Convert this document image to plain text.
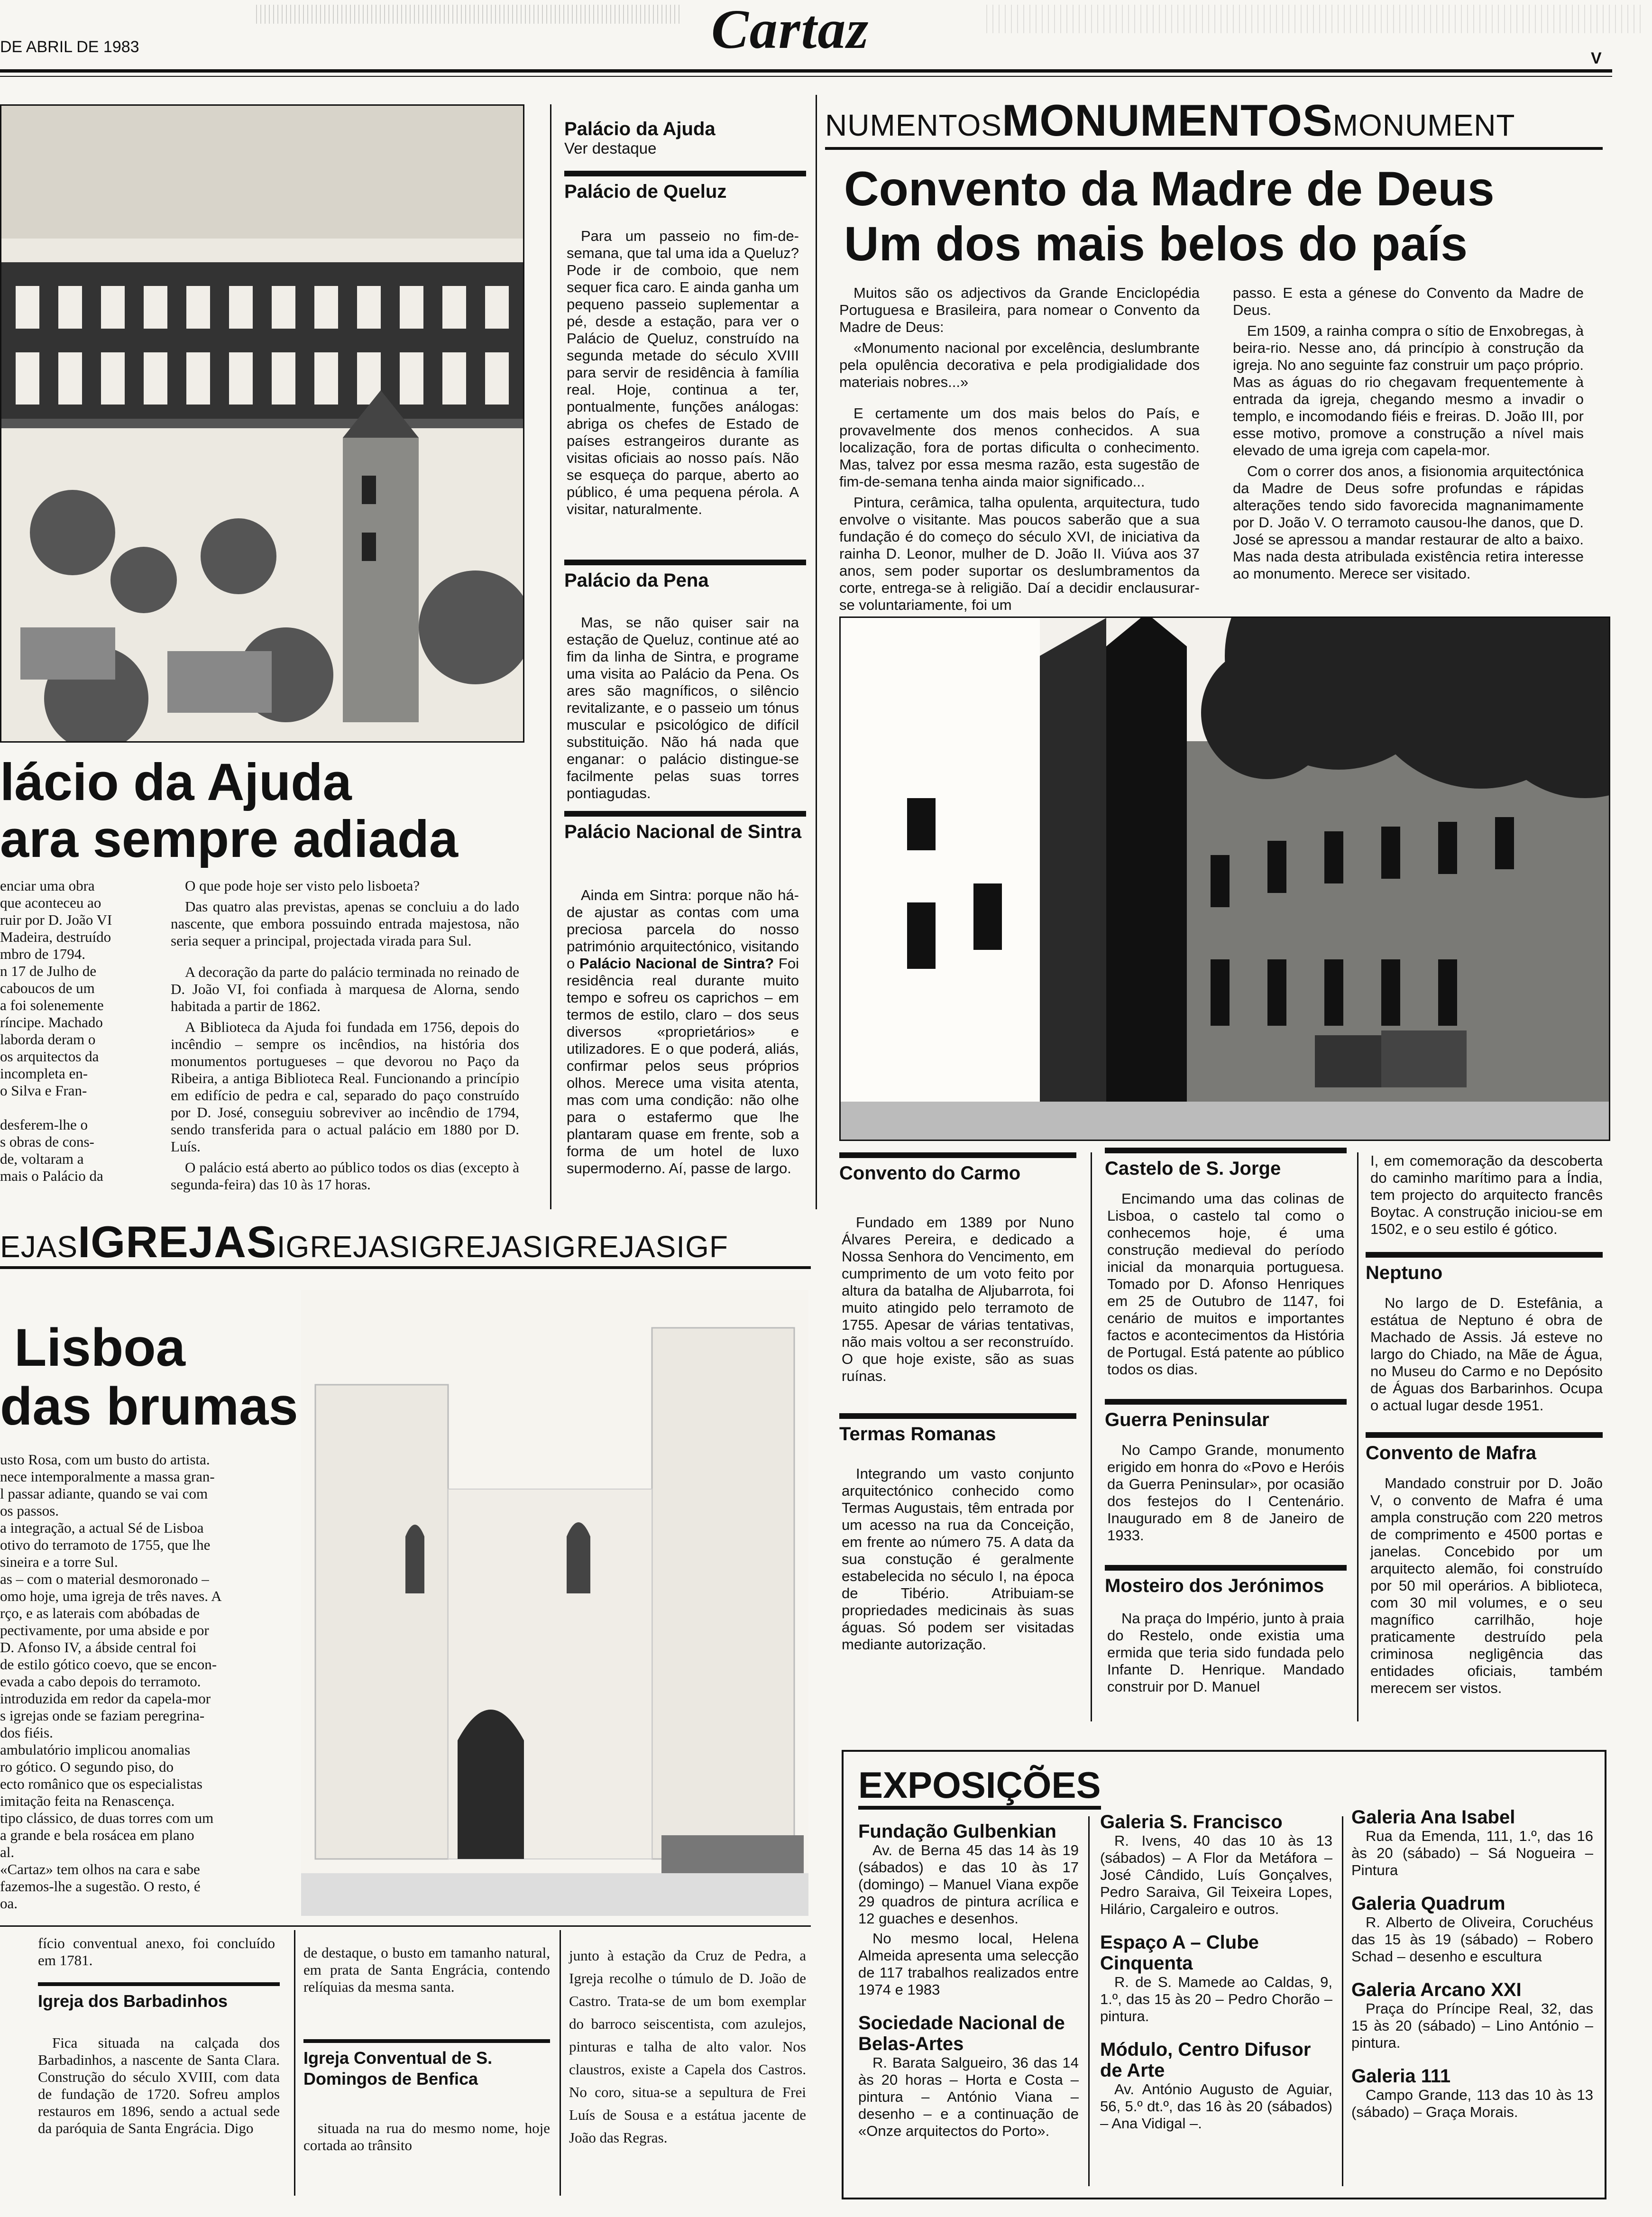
DE ABRIL DE 1983	Cartaz	V
lácio da Ajuda
ara sempre adiada
enciar uma obra
que aconteceu ao
ruir por D. João VI
Madeira, destruído
mbro de 1794.
n 17 de Julho de
caboucos de um
a foi solenemente
ríncipe. Machado
laborda deram o
os arquitectos da
incompleta en-
o Silva e Fran-
desferem-lhe o
s obras de cons-
de, voltaram a
mais o Palácio da

O que pode hoje ser visto pelo lisboeta?

Das quatro alas previstas, apenas se concluiu a do lado nascente, que embora possuindo entrada majestosa, não seria sequer a principal, projectada virada para Sul.

A decoração da parte do palácio terminada no reinado de D. João VI, foi confiada à marquesa de Alorna, sendo habitada a partir de 1862.

A Biblioteca da Ajuda foi fundada em 1756, depois do incêndio – sempre os incêndios, na história dos monumentos portugueses – que devorou no Paço da Ribeira, a antiga Biblioteca Real. Funcionando a princípio em edifício de pedra e cal, separado do paço construído por D. José, conseguiu sobreviver ao incêndio de 1794, sendo transferida para o actual palácio em 1880 por D. Luís.

O palácio está aberto ao público todos os dias (excepto à segunda-feira) das 10 às 17 horas.

Palácio da Ajuda
Ver destaque
Palácio de Queluz

Para um passeio no fim-de-semana, que tal uma ida a Queluz? Pode ir de comboio, que nem sequer fica caro. E ainda ganha um pequeno passeio suplementar a pé, desde a estação, para ver o Palácio de Queluz, construído na segunda metade do século XVIII para servir de residência à família real. Hoje, continua a ter, pontualmente, funções análogas: abriga os chefes de Estado de países estrangeiros durante as visitas oficiais ao nosso país. Não se esqueça do parque, aberto ao público, é uma pequena pérola. A visitar, naturalmente.

Palácio da Pena

Mas, se não quiser sair na estação de Queluz, continue até ao fim da linha de Sintra, e programe uma visita ao Palácio da Pena. Os ares são magníficos, o silêncio revitalizante, e o passeio um tónus muscular e psicológico de difícil substituição. Não há nada que enganar: o palácio distingue-se facilmente pelas suas torres pontiagudas.

Palácio Nacional de Sintra

Ainda em Sintra: porque não há-de ajustar as contas com uma preciosa parcela do nosso património arquitectónico, visitando o Palácio Nacional de Sintra? Foi residência real durante muito tempo e sofreu os caprichos – em termos de estilo, claro – dos seus diversos «proprietários» e utilizadores. E o que poderá, aliás, confirmar pelos seus próprios olhos. Merece uma visita atenta, mas com uma condição: não olhe para o estafermo que lhe plantaram quase em frente, sob a forma de um hotel de luxo supermoderno. Aí, passe de largo.

NUMENTOSMONUMENTOSMONUMENT
Convento da Madre de Deus
Um dos mais belos do país

Muitos são os adjectivos da Grande Enciclopédia Portuguesa e Brasileira, para nomear o Convento da Madre de Deus:

«Monumento nacional por excelência, deslumbrante pela opulência decorativa e pela prodigialidade dos materiais nobres...»

E certamente um dos mais belos do País, e provavelmente dos menos conhecidos. A sua localização, fora de portas dificulta o conhecimento. Mas, talvez por essa mesma razão, esta sugestão de fim-de-semana tenha ainda maior significado...

Pintura, cerâmica, talha opulenta, arquitectura, tudo envolve o visitante. Mas poucos saberão que a sua fundação é do começo do século XVI, de iniciativa da rainha D. Leonor, mulher de D. João II. Viúva aos 37 anos, sem poder suportar os deslumbramentos da corte, entrega-se à religião. Daí a decidir enclausurar-se voluntariamente, foi um

passo. E esta a génese do Convento da Madre de Deus.

Em 1509, a rainha compra o sítio de Enxobregas, à beira-rio. Nesse ano, dá princípio à construção da igreja. No ano seguinte faz construir um paço próprio. Mas as águas do rio chegavam frequentemente à entrada da igreja, chegando mesmo a invadir o templo, e incomodando fiéis e freiras. D. João III, por esse motivo, promove a construção a nível mais elevado de uma igreja com capela-mor.

Com o correr dos anos, a fisionomia arquitectónica da Madre de Deus sofre profundas e rápidas alterações tendo sido favorecida magnanimamente por D. João V. O terramoto causou-lhe danos, que D. José se apressou a mandar restaurar de alto a baixo. Mas nada desta atribulada existência retira interesse ao monumento. Merece ser visitado.

Convento do Carmo

Fundado em 1389 por Nuno Álvares Pereira, e dedicado a Nossa Senhora do Vencimento, em cumprimento de um voto feito por altura da batalha de Aljubarrota, foi muito atingido pelo terramoto de 1755. Apesar de várias tentativas, não mais voltou a ser reconstruído. O que hoje existe, são as suas ruínas.

Termas Romanas

Integrando um vasto conjunto arquitectónico conhecido como Termas Augustais, têm entrada por um acesso na rua da Conceição, em frente ao número 75. A data da sua constução é geralmente estabelecida no século I, na época de Tibério. Atribuiam-se propriedades medicinais às suas águas. Só podem ser visitadas mediante autorização.

Castelo de S. Jorge

Encimando uma das colinas de Lisboa, o castelo tal como o conhecemos hoje, é uma construção medieval do período inicial da monarquia portuguesa. Tomado por D. Afonso Henriques em 25 de Outubro de 1147, foi cenário de muitos e importantes factos e acontecimentos da História de Portugal. Está patente ao público todos os dias.

Guerra Peninsular

No Campo Grande, monumento erigido em honra do «Povo e Heróis da Guerra Peninsular», por ocasião dos festejos do I Centenário. Inaugurado em 8 de Janeiro de 1933.

Mosteiro dos Jerónimos

Na praça do Império, junto à praia do Restelo, onde existia uma ermida que teria sido fundada pelo Infante D. Henrique. Mandado construir por D. Manuel

I, em comemoração da descoberta do caminho marítimo para a Índia, tem projecto do arquitecto francês Boytac. A construção iniciou-se em 1502, e o seu estilo é gótico.

Neptuno

No largo de D. Estefânia, a estátua de Neptuno é obra de Machado de Assis. Já esteve no largo do Chiado, na Mãe de Água, no Museu do Carmo e no Depósito de Águas dos Barbarinhos. Ocupa o actual lugar desde 1951.

Convento de Mafra

Mandado construir por D. João V, o convento de Mafra é uma ampla construção com 220 metros de comprimento e 4500 portas e janelas. Concebido por um arquitecto alemão, foi construído por 50 mil operários. A biblioteca, com 30 mil volumes, e o seu magnífico carrilhão, hoje praticamente destruído pela criminosa negligência das entidades oficiais, também merecem ser vistos.

EJASIGREJASIGREJASIGREJASIGREJASIGF
Lisboa
das brumas
usto Rosa, com um busto do artista.
nece intemporalmente a massa gran-
l passar adiante, quando se vai com
os passos.
a integração, a actual Sé de Lisboa
otivo do terramoto de 1755, que lhe
sineira e a torre Sul.
as – com o material desmoronado –
omo hoje, uma igreja de três naves. A
rço, e as laterais com abóbadas de
pectivamente, por uma abside e por
D. Afonso IV, a ábside central foi
de estilo gótico coevo, que se encon-
evada a cabo depois do terramoto.
introduzida em redor da capela-mor
s igrejas onde se faziam peregrina-
dos fiéis.
ambulatório implicou anomalias
ro gótico. O segundo piso, do
ecto românico que os especialistas
imitação feita na Renascença.
tipo clássico, de duas torres com um
a grande e bela rosácea em plano
al.
«Cartaz» tem olhos na cara e sabe
fazemos-lhe a sugestão. O resto, é
oa.

fício conventual anexo, foi concluído em 1781.

Igreja dos Barbadinhos

Fica situada na calçada dos Barbadinhos, a nascente de Santa Clara. Construção do século XVIII, com data de fundação de 1720. Sofreu amplos restauros em 1896, sendo a actual sede da paróquia de Santa Engrácia. Digo

de destaque, o busto em tamanho natural, em prata de Santa Engrácia, contendo relíquias da mesma santa.

Igreja Conventual de S. Domingos de Benfica

situada na rua do mesmo nome, hoje cortada ao trânsito

junto à estação da Cruz de Pedra, a Igreja recolhe o túmulo de D. João de Castro. Trata-se de um bom exemplar do barroco seiscentista, com azulejos, pinturas e talha de alto valor. Nos claustros, existe a Capela dos Castros. No coro, situa-se a sepultura de Frei Luís de Sousa e a estátua jacente de João das Regras.

EXPOSIÇÕES
Fundação Gulbenkian

Av. de Berna 45 das 14 às 19 (sábados) e das 10 às 17 (domingo) – Manuel Viana expõe 29 quadros de pintura acrílica e 12 guaches e desenhos.

No mesmo local, Helena Almeida apresenta uma selecção de 117 trabalhos realizados entre 1974 e 1983

Sociedade Nacional de Belas-Artes

R. Barata Salgueiro, 36 das 14 às 20 horas – Horta e Costa – pintura – António Viana – desenho – e a continuação de «Onze arquitectos do Porto».

Galeria S. Francisco

R. Ivens, 40 das 10 às 13 (sábados) – A Flor da Metáfora – José Cândido, Luís Gonçalves, Pedro Saraiva, Gil Teixeira Lopes, Hilário, Cargaleiro e outros.

Espaço A – Clube Cinquenta

R. de S. Mamede ao Caldas, 9, 1.º, das 15 às 20 – Pedro Chorão – pintura.

Módulo, Centro Difusor de Arte

Av. António Augusto de Aguiar, 56, 5.º dt.º, das 16 às 20 (sábados) – Ana Vidigal –.

Galeria Ana Isabel

Rua da Emenda, 111, 1.º, das 16 às 20 (sábado) – Sá Nogueira – Pintura

Galeria Quadrum

R. Alberto de Oliveira, Coruchéus das 15 às 19 (sábado) – Robero Schad – desenho e escultura

Galeria Arcano XXI

Praça do Príncipe Real, 32, das 15 às 20 (sábado) – Lino António – pintura.

Galeria 111

Campo Grande, 113 das 10 às 13 (sábado) – Graça Morais.
